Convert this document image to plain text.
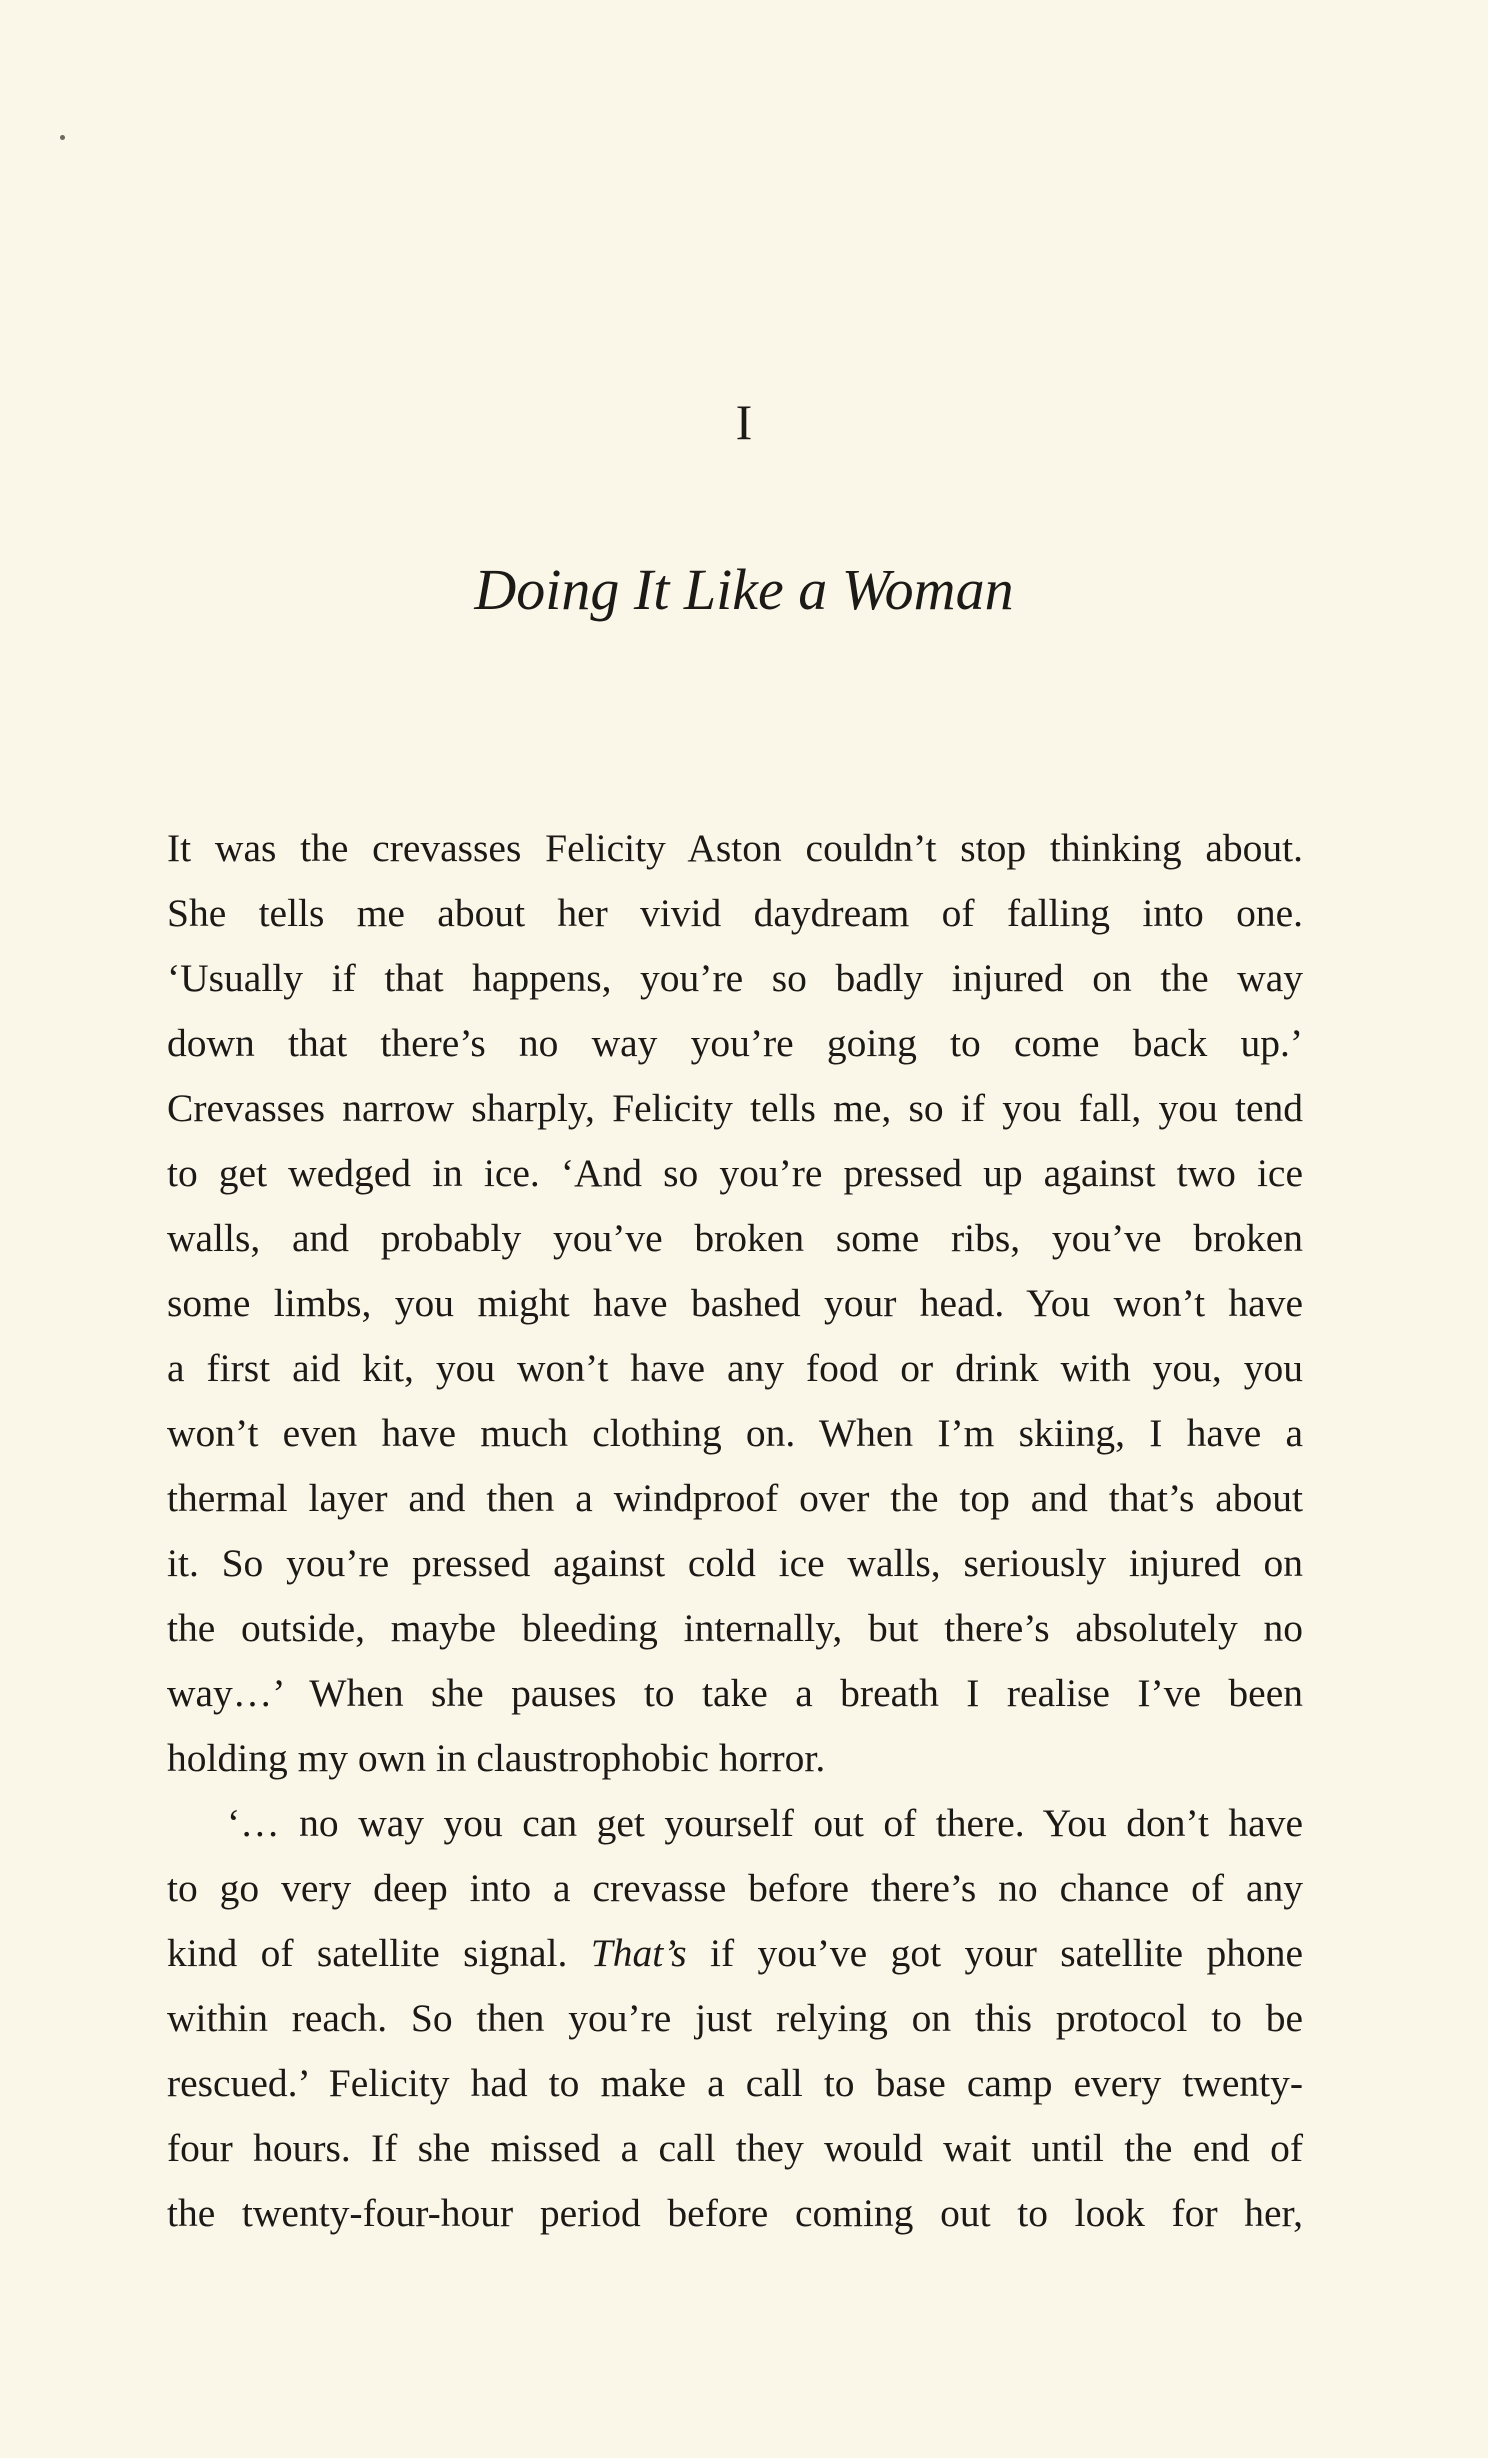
I
Doing It Like a Woman
It was the crevasses Felicity Aston couldn’t stop thinking about.
She tells me about her vivid daydream of falling into one.
‘Usually if that happens, you’re so badly injured on the way
down that there’s no way you’re going to come back up.’
Crevasses narrow sharply, Felicity tells me, so if you fall, you tend
to get wedged in ice. ‘And so you’re pressed up against two ice
walls, and probably you’ve broken some ribs, you’ve broken
some limbs, you might have bashed your head. You won’t have
a first aid kit, you won’t have any food or drink with you, you
won’t even have much clothing on. When I’m skiing, I have a
thermal layer and then a windproof over the top and that’s about
it. So you’re pressed against cold ice walls, seriously injured on
the outside, maybe bleeding internally, but there’s absolutely no
way…’ When she pauses to take a breath I realise I’ve been
holding my own in claustrophobic horror.
‘… no way you can get yourself out of there. You don’t have
to go very deep into a crevasse before there’s no chance of any
kind of satellite signal. That’s if you’ve got your satellite phone
within reach. So then you’re just relying on this protocol to be
rescued.’ Felicity had to make a call to base camp every twenty-
four hours. If she missed a call they would wait until the end of
the twenty-four-hour period before coming out to look for her,
